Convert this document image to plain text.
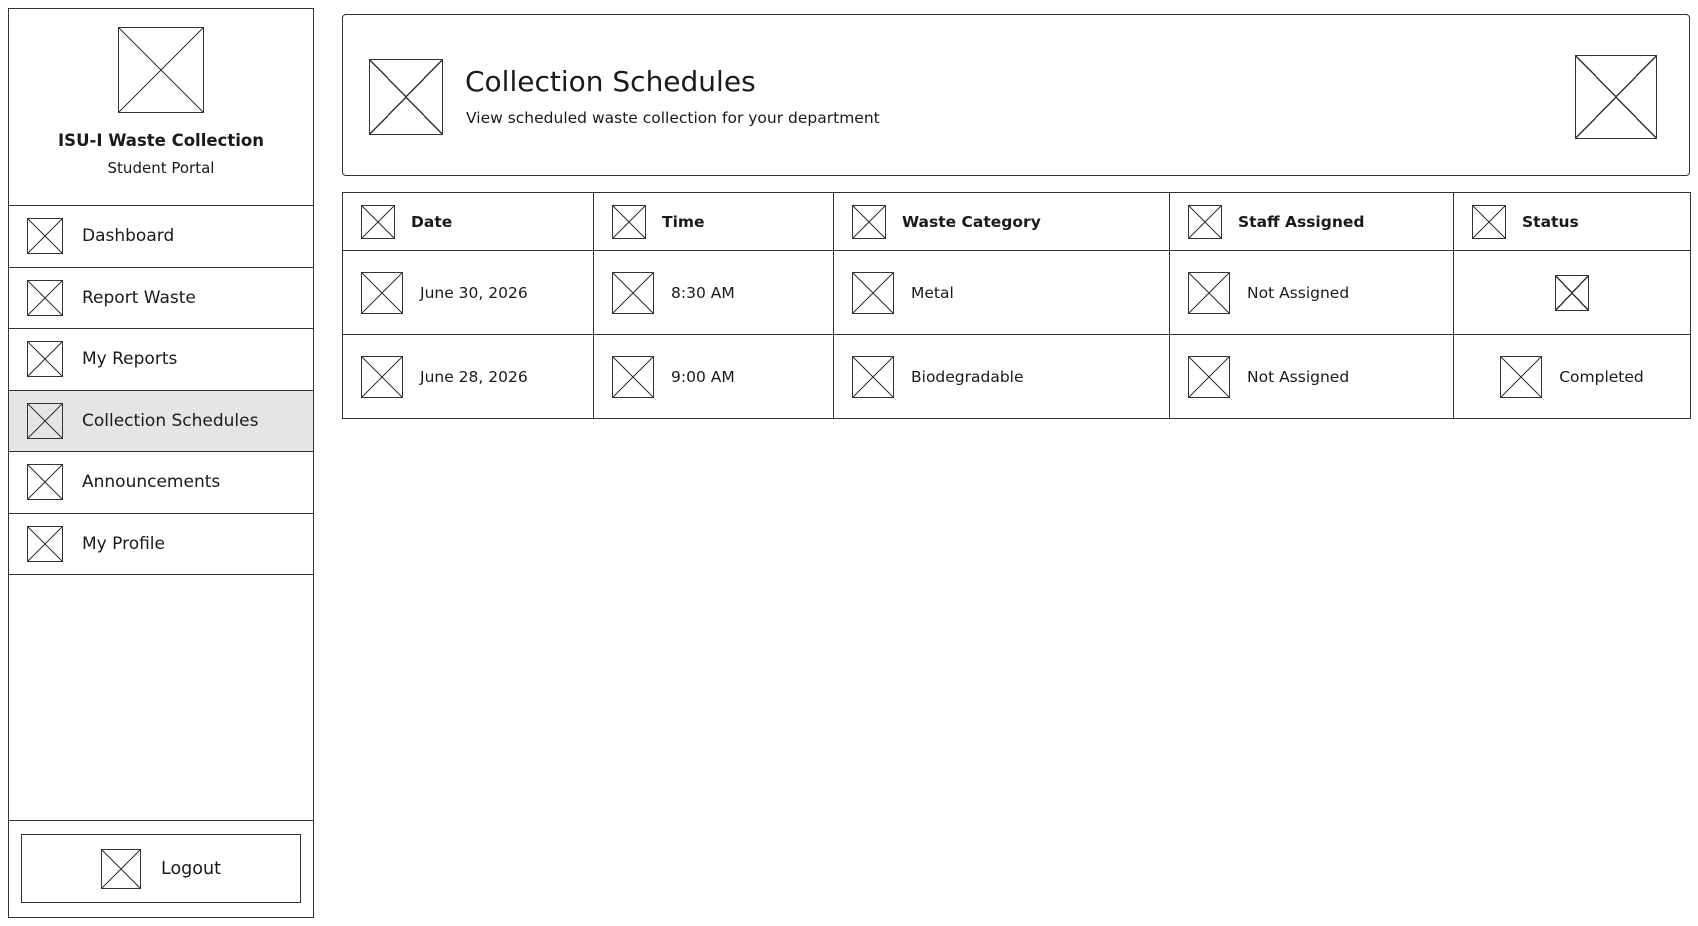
ISU-I Waste Collection
Student Portal
Dashboard
Report Waste
My Reports
Collection Schedules
Announcements
My Profile
Logout
Collection Schedules
View scheduled waste collection for your department
Date	Time	Waste Category	Staff Assigned	Status

June 30, 2026	8:30 AM	Metal	Not Assigned	

June 28, 2026	9:00 AM	Biodegradable	Not Assigned	Completed
